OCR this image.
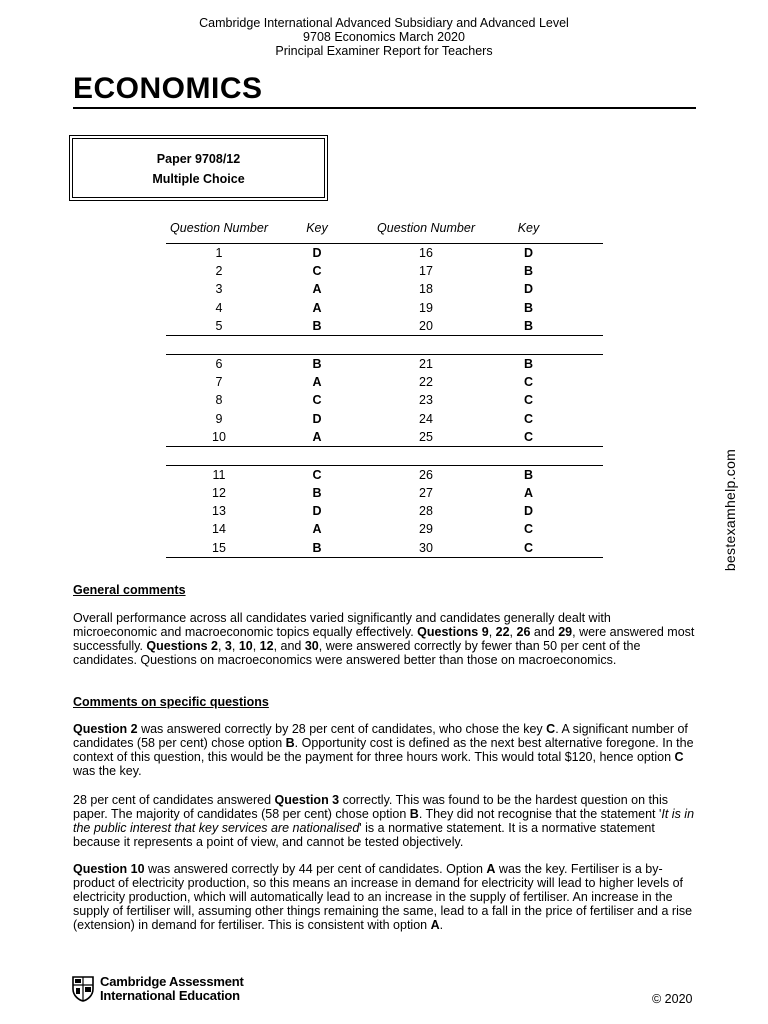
Cambridge International Advanced Subsidiary and Advanced Level
9708 Economics March 2020
Principal Examiner Report for Teachers
ECONOMICS
Paper 9708/12
Multiple Choice
Question Number	Key	Question Number	Key
1	D	16	D
2	C	17	B
3	A	18	D
4	A	19	B
5	B	20	B
6	B	21	B
7	A	22	C
8	C	23	C
9	D	24	C
10	A	25	C
11	C	26	B
12	B	27	A
13	D	28	D
14	A	29	C
15	B	30	C	bestexamhelp.com
General comments
Overall performance across all candidates varied significantly and candidates generally dealt with microeconomic and macroeconomic topics equally effectively. Questions 9, 22, 26 and 29, were answered most successfully. Questions 2, 3, 10, 12, and 30, were answered correctly by fewer than 50 per cent of the candidates. Questions on macroeconomics were answered better than those on macroeconomics.
Comments on specific questions
Question 2 was answered correctly by 28 per cent of candidates, who chose the key C. A significant number of candidates (58 per cent) chose option B. Opportunity cost is defined as the next best alternative foregone. In the context of this question, this would be the payment for three hours work. This would total $120, hence option C was the key.
28 per cent of candidates answered Question 3 correctly. This was found to be the hardest question on this paper. The majority of candidates (58 per cent) chose option B. They did not recognise that the statement 'It is in the public interest that key services are nationalised' is a normative statement. It is a normative statement because it represents a point of view, and cannot be tested objectively.
Question 10 was answered correctly by 44 per cent of candidates. Option A was the key. Fertiliser is a by-product of electricity production, so this means an increase in demand for electricity will lead to higher levels of electricity production, which will automatically lead to an increase in the supply of fertiliser. An increase in the supply of fertiliser will, assuming other things remaining the same, lead to a fall in the price of fertiliser and a rise (extension) in demand for fertiliser. This is consistent with option A.
Cambridge Assessment
International Education	© 2020
